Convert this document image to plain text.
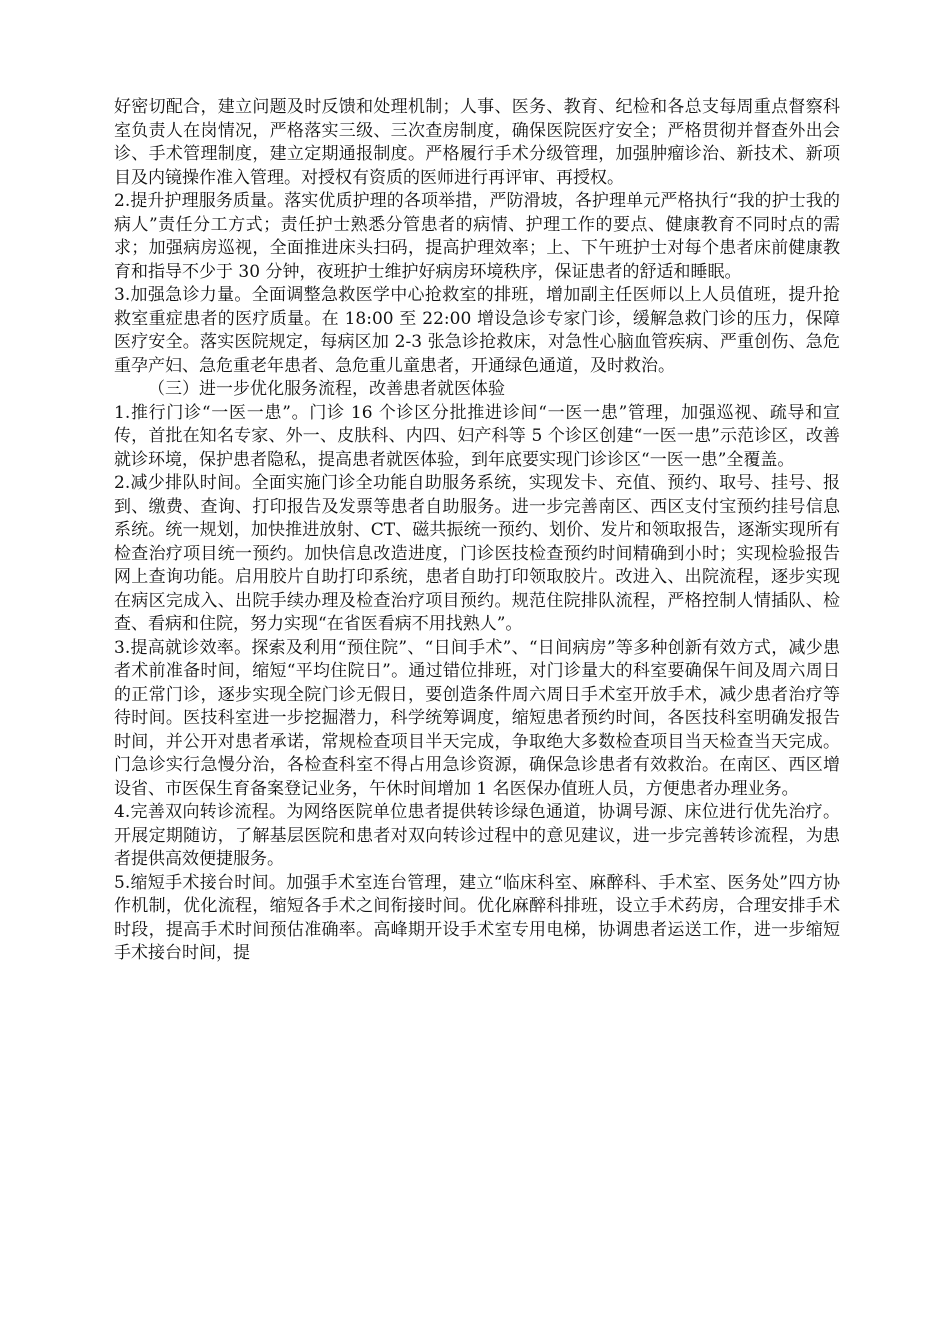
好密切配合，建立问题及时反馈和处理机制；人事、医务、教育、纪检和各总支每周重点督察科室负责人在岗情况，严格落实三级、三次查房制度，确保医院医疗安全；严格贯彻并督查外出会诊、手术管理制度，建立定期通报制度。严格履行手术分级管理，加强肿瘤诊治、新技术、新项目及内镜操作准入管理。对授权有资质的医师进行再评审、再授权。

2.提升护理服务质量。落实优质护理的各项举措，严防滑坡，各护理单元严格执行“我的护士我的病人”责任分工方式；责任护士熟悉分管患者的病情、护理工作的要点、健康教育不同时点的需求；加强病房巡视，全面推进床头扫码，提高护理效率；上、下午班护士对每个患者床前健康教育和指导不少于 30 分钟，夜班护士维护好病房环境秩序，保证患者的舒适和睡眠。

3.加强急诊力量。全面调整急救医学中心抢救室的排班，增加副主任医师以上人员值班，提升抢救室重症患者的医疗质量。在 18:00 至 22:00 增设急诊专家门诊，缓解急救门诊的压力，保障医疗安全。落实医院规定，每病区加 2-3 张急诊抢救床，对急性心脑血管疾病、严重创伤、急危重孕产妇、急危重老年患者、急危重儿童患者，开通绿色通道，及时救治。

（三）进一步优化服务流程，改善患者就医体验

1.推行门诊“一医一患”。门诊 16 个诊区分批推进诊间“一医一患”管理，加强巡视、疏导和宣传，首批在知名专家、外一、皮肤科、内四、妇产科等 5 个诊区创建“一医一患”示范诊区，改善就诊环境，保护患者隐私，提高患者就医体验，到年底要实现门诊诊区“一医一患”全覆盖。

2.减少排队时间。全面实施门诊全功能自助服务系统，实现发卡、充值、预约、取号、挂号、报到、缴费、查询、打印报告及发票等患者自助服务。进一步完善南区、西区支付宝预约挂号信息系统。统一规划，加快推进放射、CT、磁共振统一预约、划价、发片和领取报告，逐渐实现所有检查治疗项目统一预约。加快信息改造进度，门诊医技检查预约时间精确到小时；实现检验报告网上查询功能。启用胶片自助打印系统，患者自助打印领取胶片。改进入、出院流程，逐步实现在病区完成入、出院手续办理及检查治疗项目预约。规范住院排队流程，严格控制人情插队、检查、看病和住院，努力实现“在省医看病不用找熟人”。

3.提高就诊效率。探索及利用“预住院”、“日间手术”、“日间病房”等多种创新有效方式，减少患者术前准备时间，缩短“平均住院日”。通过错位排班，对门诊量大的科室要确保午间及周六周日的正常门诊，逐步实现全院门诊无假日，要创造条件周六周日手术室开放手术，减少患者治疗等待时间。医技科室进一步挖掘潜力，科学统筹调度，缩短患者预约时间，各医技科室明确发报告时间，并公开对患者承诺，常规检查项目半天完成，争取绝大多数检查项目当天检查当天完成。门急诊实行急慢分治，各检查科室不得占用急诊资源，确保急诊患者有效救治。在南区、西区增设省、市医保生育备案登记业务，午休时间增加 1 名医保办值班人员，方便患者办理业务。

4.完善双向转诊流程。为网络医院单位患者提供转诊绿色通道，协调号源、床位进行优先治疗。开展定期随访，了解基层医院和患者对双向转诊过程中的意见建议，进一步完善转诊流程，为患者提供高效便捷服务。

5.缩短手术接台时间。加强手术室连台管理，建立“临床科室、麻醉科、手术室、医务处”四方协作机制，优化流程，缩短各手术之间衔接时间。优化麻醉科排班，设立手术药房，合理安排手术时段，提高手术时间预估准确率。高峰期开设手术室专用电梯，协调患者运送工作，进一步缩短手术接台时间，提
